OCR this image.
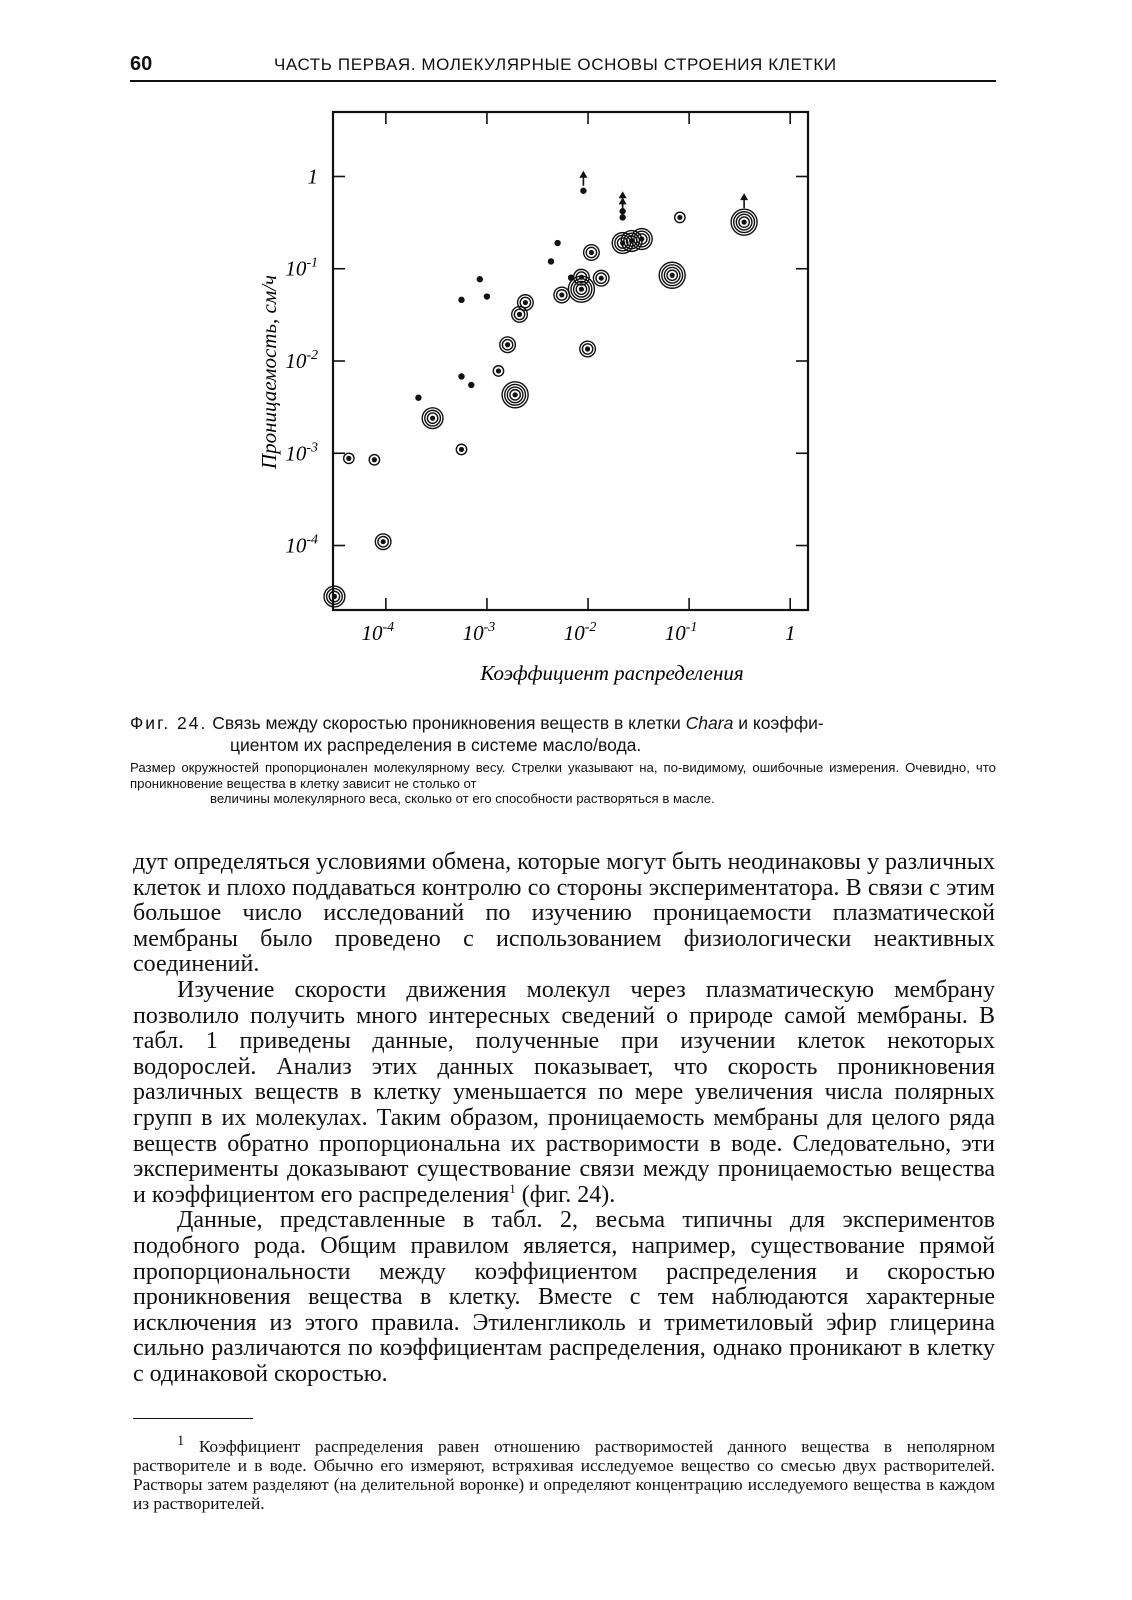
60	ЧАСТЬ ПЕРВАЯ. МОЛЕКУЛЯРНЫЕ ОСНОВЫ СТРОЕНИЯ КЛЕТКИ
$10^{-4}$	$10^{-3}$	$10^{-2}$	$10^{-1}$	1
1
$10^{-1}$
$10^{-2}$
$10^{-3}$
$10^{-4}$
Коэффициент распределения
Проницаемость, см/ч
Фиг. 24. Связь между скоростью проникновения веществ в клетки Chara и коэффи-
циентом их распределения в системе масло/вода.
Размер окружностей пропорционален молекулярному весу. Стрелки указывают на, по-видимому, ошибочные измерения. Очевидно, что проникновение вещества в клетку зависит не столько от
величины молекулярного веса, сколько от его способности растворяться в масле.

дут определяться условиями обмена, которые могут быть неодинаковы у различных клеток и плохо поддаваться контролю со стороны экспериментатора. В связи с этим большое число исследований по изучению проницаемости плазматической мембраны было проведено с использованием физиологически неактивных соединений.

Изучение скорости движения молекул через плазматическую мембрану позволило получить много интересных сведений о природе самой мембраны. В табл. 1 приведены данные, полученные при изучении клеток некоторых водорослей. Анализ этих данных показывает, что скорость проникновения различных веществ в клетку уменьшается по мере увеличения числа полярных групп в их молекулах. Таким образом, проницаемость мембраны для целого ряда веществ обратно пропорциональна их растворимости в воде. Следовательно, эти эксперименты доказывают существование связи между проницаемостью вещества и коэффициентом его распределения$^1$ (фиг. 24).

Данные, представленные в табл. 2, весьма типичны для экспериментов подобного рода. Общим правилом является, например, существование прямой пропорциональности между коэффициентом распределения и скоростью проникновения вещества в клетку. Вместе с тем наблюдаются характерные исключения из этого правила. Этиленгликоль и триметиловый эфир глицерина сильно различаются по коэффициентам распределения, однако проникают в клетку с одинаковой скоростью.

$^1$ Коэффициент распределения равен отношению растворимостей данного вещества в неполярном растворителе и в воде. Обычно его измеряют, встряхивая исследуемое вещество со смесью двух растворителей. Растворы затем разделяют (на делительной воронке) и определяют концентрацию исследуемого вещества в каждом из растворителей.
